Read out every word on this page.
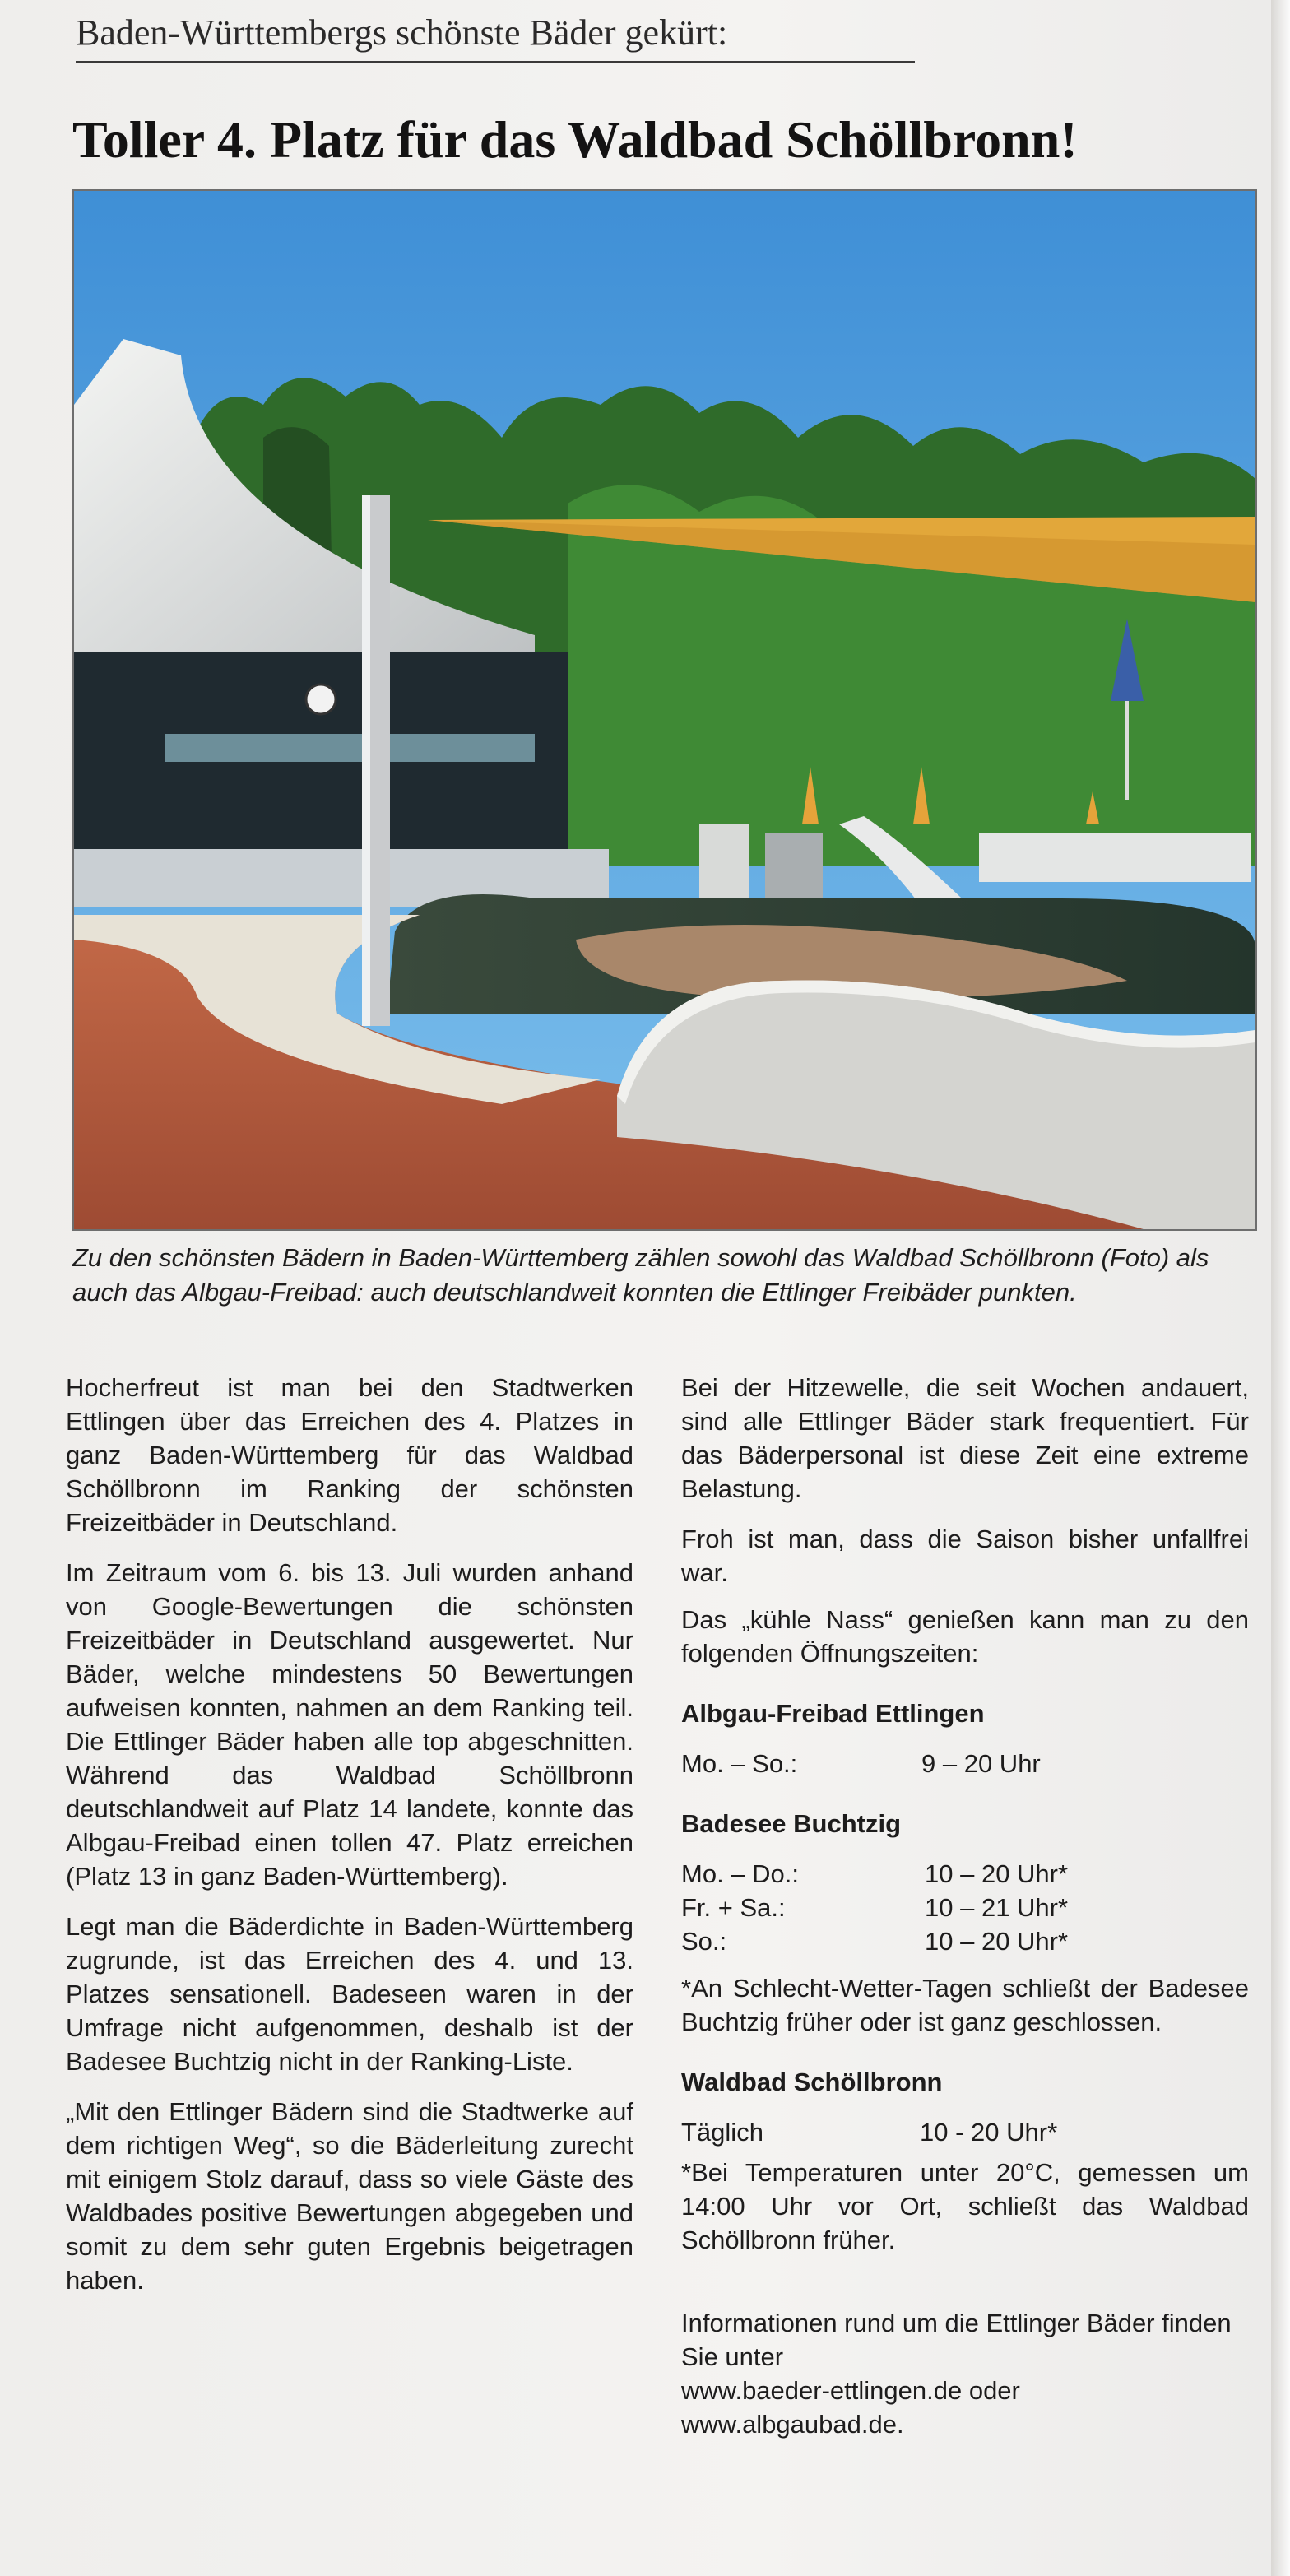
Baden-Württembergs schönste Bäder gekürt:
Toller 4. Platz für das Waldbad Schöllbronn!
Zu den schönsten Bädern in Baden-Württemberg zählen sowohl das Waldbad Schöllbronn (Foto) als auch das Albgau-Freibad: auch deutschlandweit konnten die Ettlinger Freibäder punkten.

Hocherfreut ist man bei den Stadtwerken Ettlingen über das Erreichen des 4. Platzes in ganz Baden-Württemberg für das Waldbad Schöllbronn im Ranking der schönsten Freizeitbäder in Deutschland.

Im Zeitraum vom 6. bis 13. Juli wurden anhand von Google-Bewertungen die schönsten Freizeitbäder in Deutschland ausgewertet. Nur Bäder, welche mindestens 50 Bewertungen aufweisen konnten, nahmen an dem Ranking teil. Die Ettlinger Bäder haben alle top abgeschnitten. Während das Waldbad Schöllbronn deutschlandweit auf Platz 14 landete, konnte das Albgau-Freibad einen tollen 47. Platz erreichen (Platz 13 in ganz Baden-Württemberg).

Legt man die Bäderdichte in Baden-Württemberg zugrunde, ist das Erreichen des 4. und 13. Platzes sensationell. Badeseen waren in der Umfrage nicht aufgenommen, deshalb ist der Badesee Buchtzig nicht in der Ranking-Liste.

„Mit den Ettlinger Bädern sind die Stadtwerke auf dem richtigen Weg“, so die Bäderleitung zurecht mit einigem Stolz darauf, dass so viele Gäste des Waldbades positive Bewertungen abgegeben und somit zu dem sehr guten Ergebnis beigetragen haben.

Bei der Hitzewelle, die seit Wochen andauert, sind alle Ettlinger Bäder stark frequentiert. Für das Bäderpersonal ist diese Zeit eine extreme Belastung.

Froh ist man, dass die Saison bisher unfallfrei war.

Das „kühle Nass“ genießen kann man zu den folgenden Öffnungszeiten:

Albgau-Freibad Ettlingen

Mo. – So.:	9 – 20 Uhr

Badesee Buchtzig

Mo. – Do.:	10 – 20 Uhr*
Fr. + Sa.:	10 – 21 Uhr*
So.:	10 – 20 Uhr*

*An Schlecht-Wetter-Tagen schließt der Badesee Buchtzig früher oder ist ganz geschlossen.

Waldbad Schöllbronn

Täglich	10 - 20 Uhr*

*Bei Temperaturen unter 20°C, gemessen um 14:00 Uhr vor Ort, schließt das Waldbad Schöllbronn früher.

Informationen rund um die Ettlinger Bäder finden Sie unter

www.baeder-ettlingen.de oder

www.albgaubad.de.
